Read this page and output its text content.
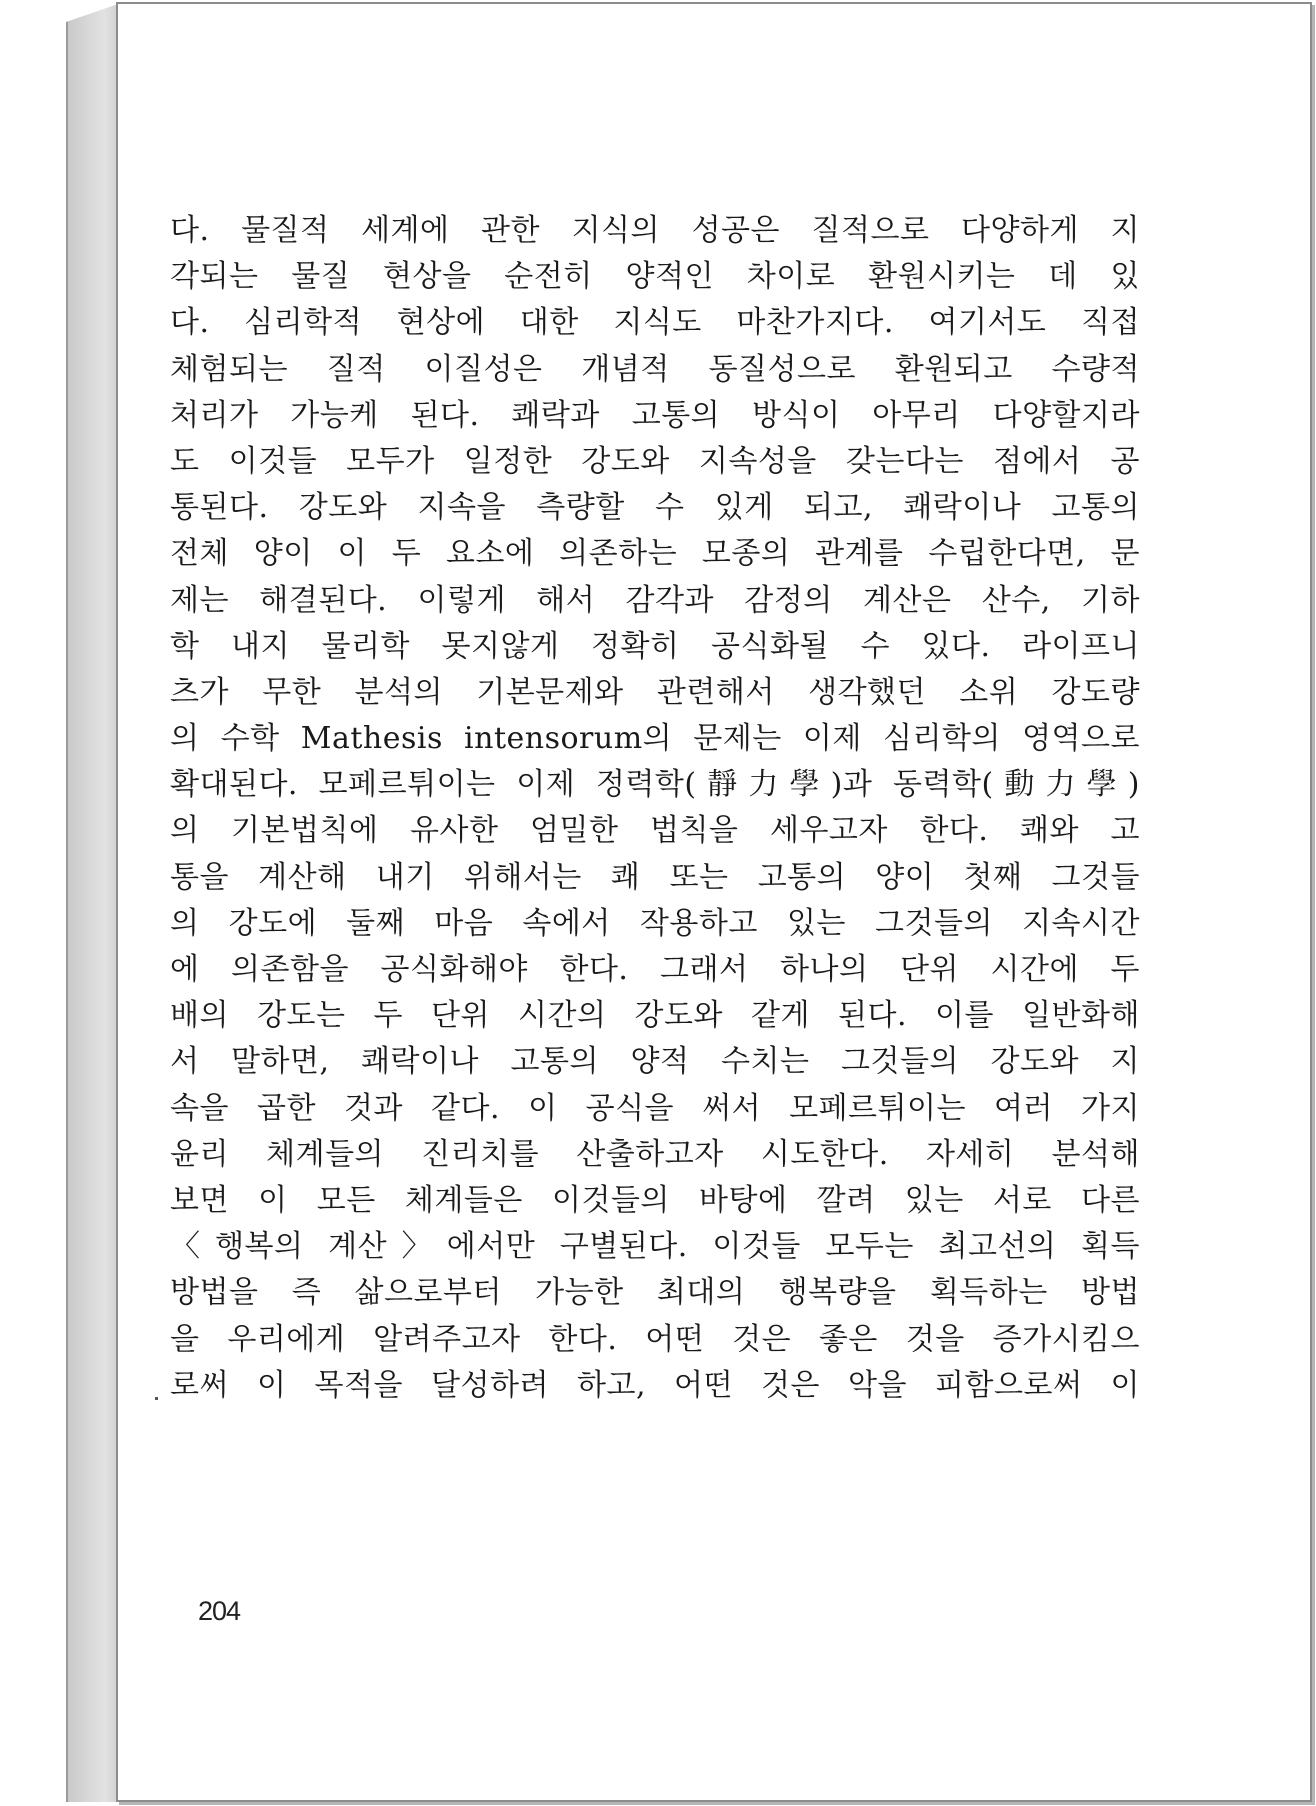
다. 물질적 세계에 관한 지식의 성공은 질적으로 다양하게 지
각되는 물질 현상을 순전히 양적인 차이로 환원시키는 데 있
다. 심리학적 현상에 대한 지식도 마찬가지다. 여기서도 직접
체험되는 질적 이질성은 개념적 동질성으로 환원되고 수량적
처리가 가능케 된다. 쾌락과 고통의 방식이 아무리 다양할지라
도 이것들 모두가 일정한 강도와 지속성을 갖는다는 점에서 공
통된다. 강도와 지속을 측량할 수 있게 되고, 쾌락이나 고통의
전체 양이 이 두 요소에 의존하는 모종의 관계를 수립한다면, 문
제는 해결된다. 이렇게 해서 감각과 감정의 계산은 산수, 기하
학 내지 물리학 못지않게 정확히 공식화될 수 있다. 라이프니
츠가 무한 분석의 기본문제와 관련해서 생각했던 소위 강도량
의 수학 Mathesis intensorum의 문제는 이제 심리학의 영역으로
확대된다. 모페르튀이는 이제 정력학(靜力學)과 동력학(動力學)
의 기본법칙에 유사한 엄밀한 법칙을 세우고자 한다. 쾌와 고
통을 계산해 내기 위해서는 쾌 또는 고통의 양이 첫째 그것들
의 강도에 둘째 마음 속에서 작용하고 있는 그것들의 지속시간
에 의존함을 공식화해야 한다. 그래서 하나의 단위 시간에 두
배의 강도는 두 단위 시간의 강도와 같게 된다. 이를 일반화해
서 말하면, 쾌락이나 고통의 양적 수치는 그것들의 강도와 지
속을 곱한 것과 같다. 이 공식을 써서 모페르튀이는 여러 가지
윤리 체계들의 진리치를 산출하고자 시도한다. 자세히 분석해
보면 이 모든 체계들은 이것들의 바탕에 깔려 있는 서로 다른
〈행복의 계산〉에서만 구별된다. 이것들 모두는 최고선의 획득
방법을 즉 삶으로부터 가능한 최대의 행복량을 획득하는 방법
을 우리에게 알려주고자 한다. 어떤 것은 좋은 것을 증가시킴으
로써 이 목적을 달성하려 하고, 어떤 것은 악을 피함으로써 이
204
